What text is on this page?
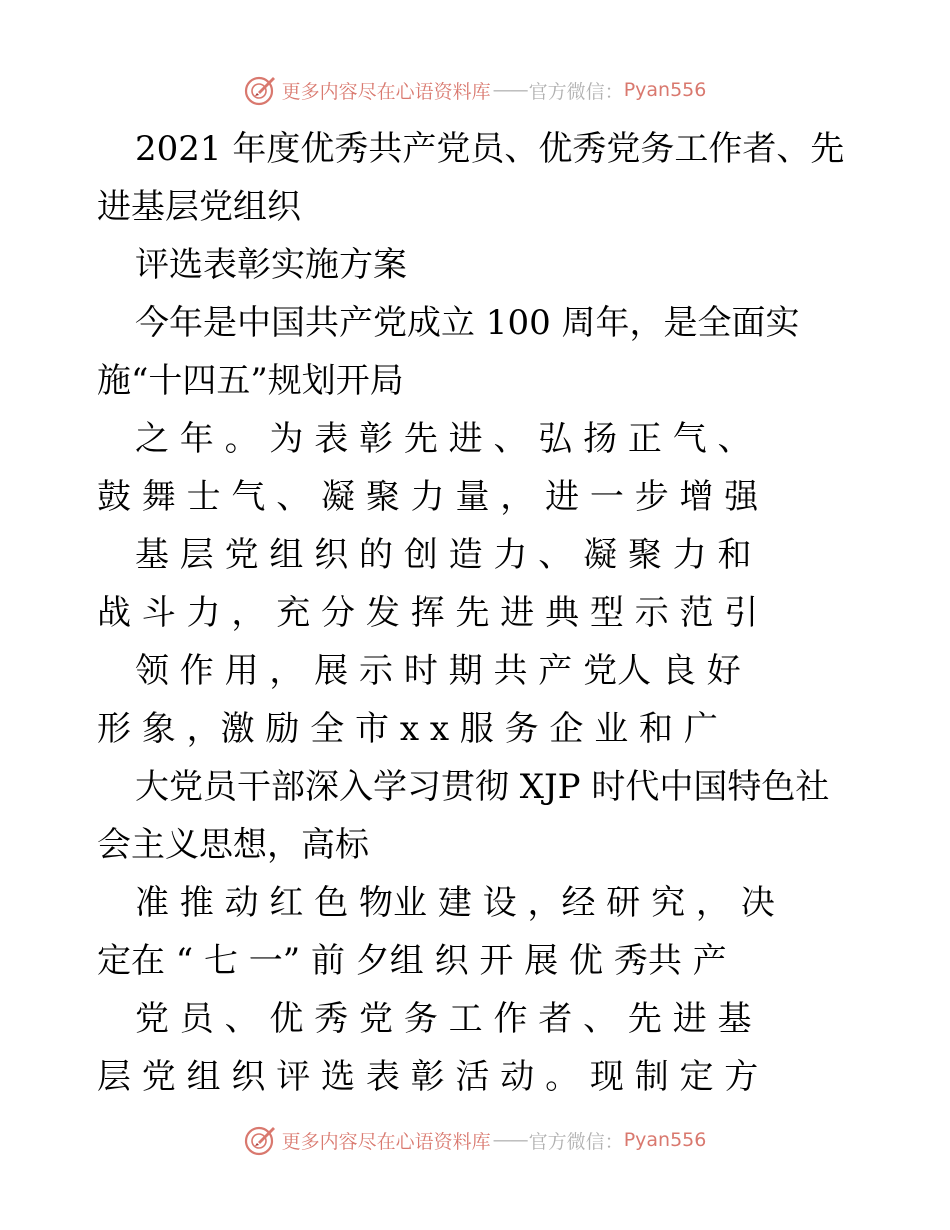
更多内容尽在心语资料库 —— 官方微信： Pyan556
2021 年度优秀共产党员、优秀党务工作者、先
进基层党组织
评选表彰实施方案
今年是中国共产党成立 100 周年，是全面实
施“十四五”规划开局
之 年 。 为 表 彰 先 进 、 弘 扬 正 气 、
鼓 舞 士 气 、 凝 聚 力 量 ， 进 一 步 增 强
基 层 党 组 织 的 创 造 力 、 凝 聚 力 和
战 斗 力 ， 充 分 发 挥 先 进 典 型 示 范 引
领 作 用 ， 展 示 时 期 共 产 党人 良 好
形 象 ，激 励 全 市 x x 服 务 企 业 和 广
大党员干部深入学习贯彻 XJP 时代中国特色社
会主义思想，高标
准 推 动 红 色 物业 建 设 ，经 研 究 ， 决
定在 “ 七 一” 前 夕组 织 开 展 优 秀共 产
党 员 、 优 秀 党 务 工 作 者 、 先 进 基
层 党 组 织 评 选 表 彰 活 动 。 现 制 定 方
更多内容尽在心语资料库 —— 官方微信： Pyan556
